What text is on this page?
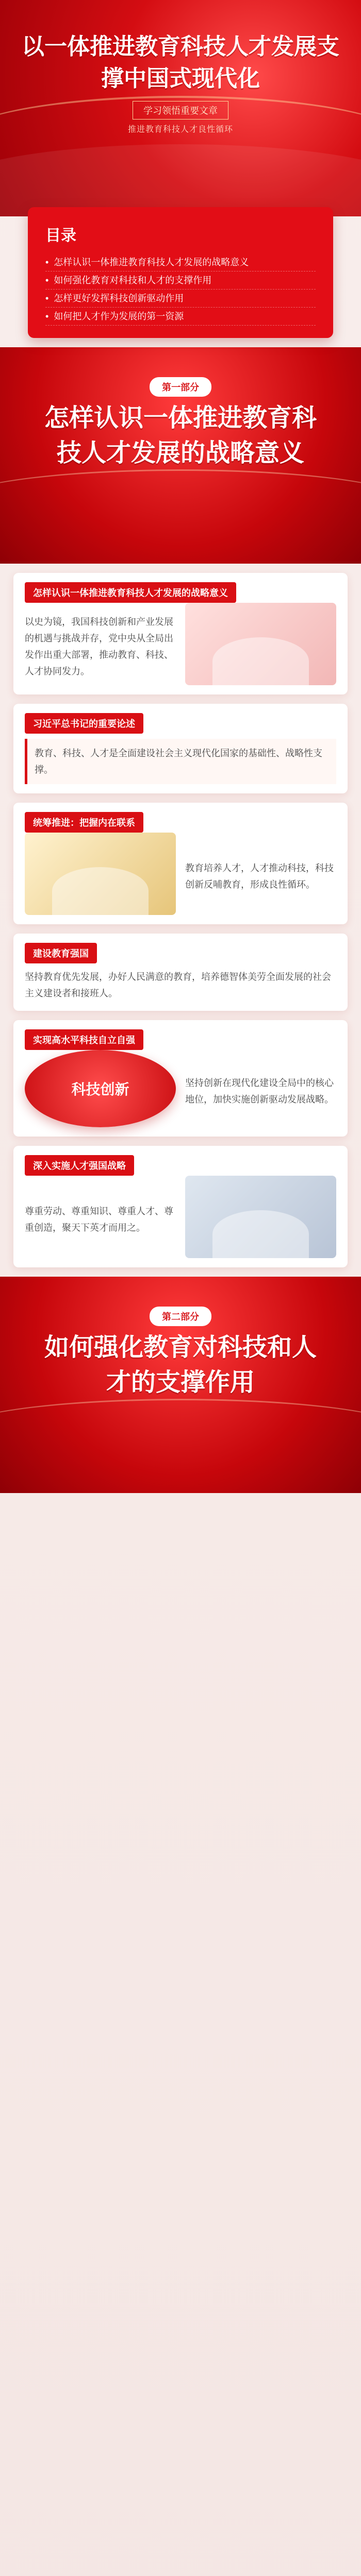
以一体推进教育科技人才发展支撑中国式现代化
学习领悟重要文章
推进教育科技人才良性循环
目录
• 怎样认识一体推进教育科技人才发展的战略意义
• 如何强化教育对科技和人才的支撑作用
• 怎样更好发挥科技创新驱动作用
• 如何把人才作为发展的第一资源
第一部分
怎样认识一体推进教育科技人才发展的战略意义
怎样认识一体推进教育科技人才发展的战略意义
以史为镜，我国科技创新和产业发展的机遇与挑战并存，党中央从全局出发作出重大部署，推动教育、科技、人才协同发力。
习近平总书记的重要论述
教育、科技、人才是全面建设社会主义现代化国家的基础性、战略性支撑。
统筹推进：把握内在联系
教育培养人才，人才推动科技，科技创新反哺教育，形成良性循环。
建设教育强国
坚持教育优先发展，办好人民满意的教育，培养德智体美劳全面发展的社会主义建设者和接班人。
实现高水平科技自立自强
科技创新	坚持创新在现代化建设全局中的核心地位，加快实施创新驱动发展战略。
深入实施人才强国战略
尊重劳动、尊重知识、尊重人才、尊重创造，聚天下英才而用之。
第二部分
如何强化教育对科技和人才的支撑作用
